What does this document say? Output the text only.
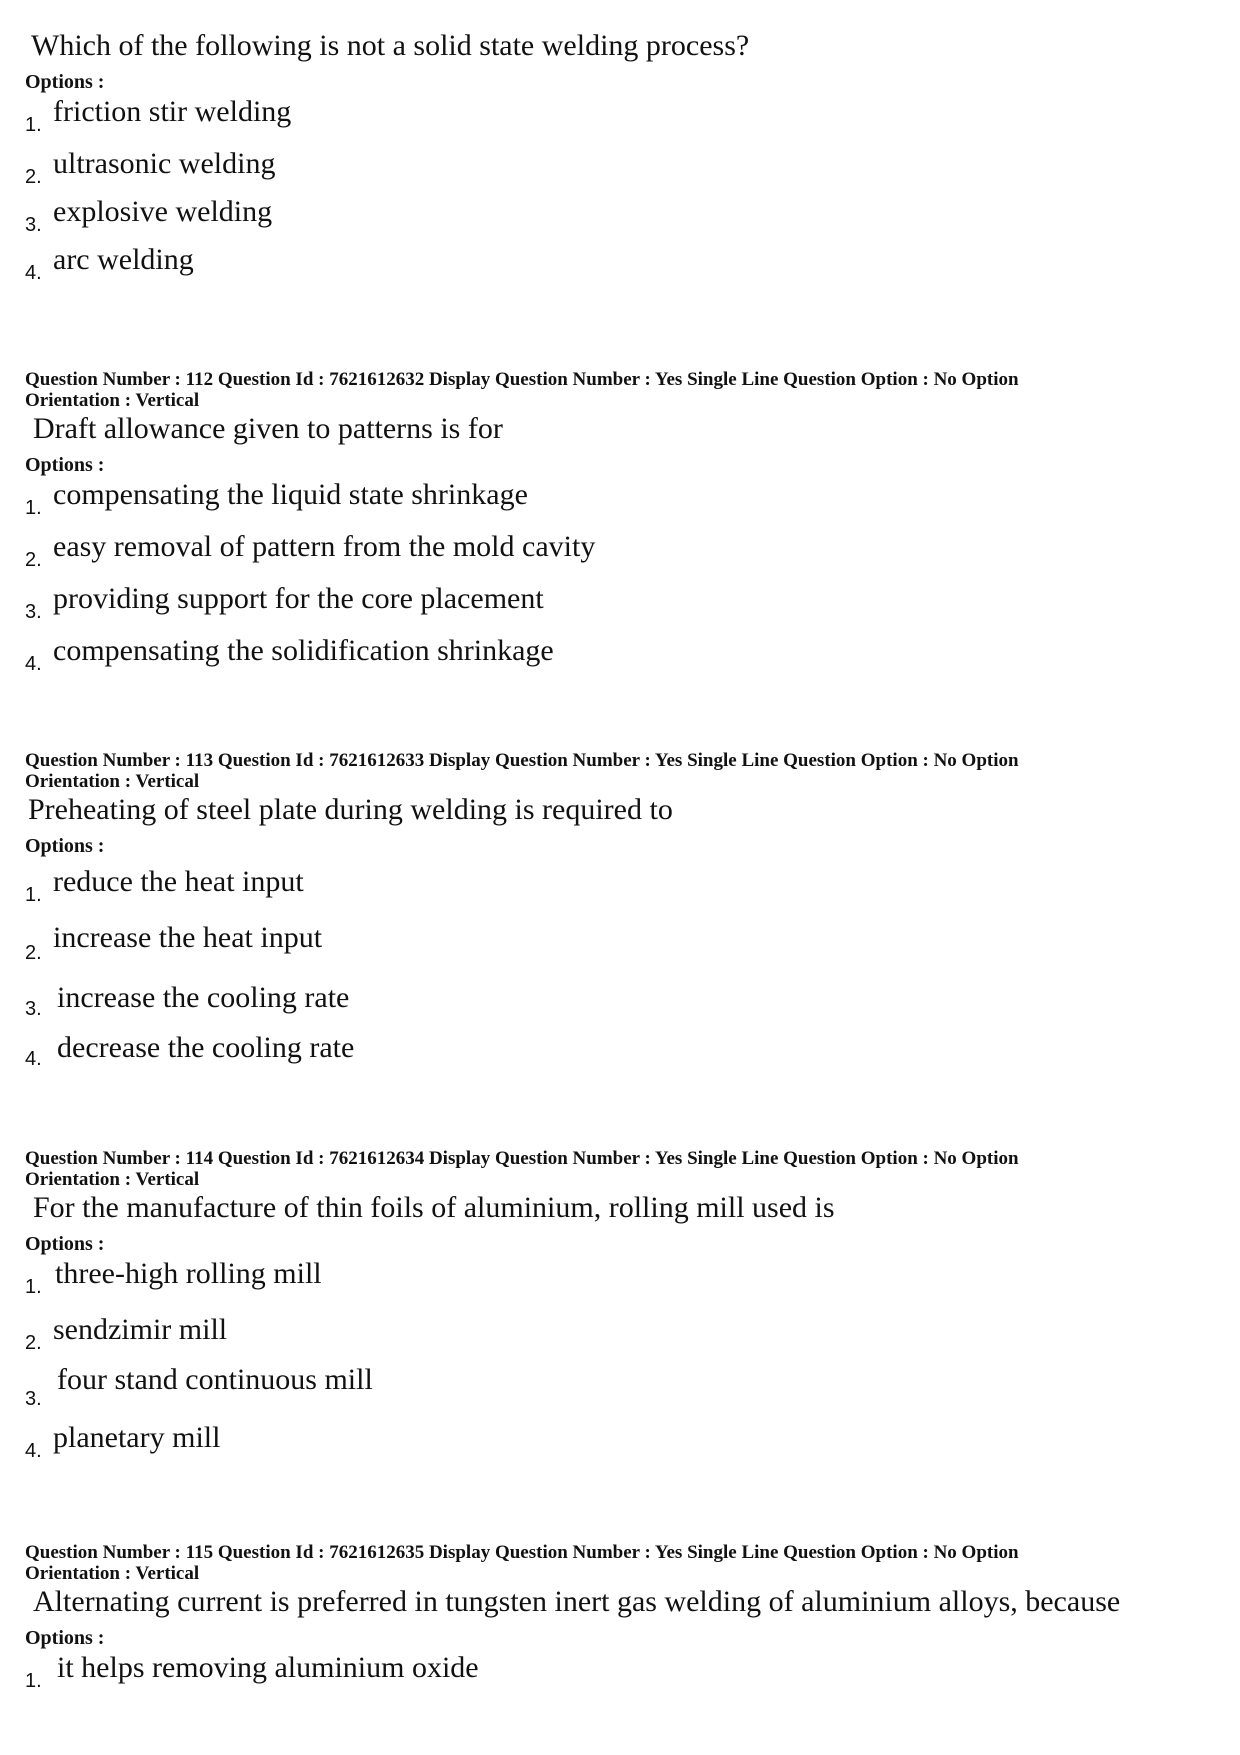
Which of the following is not a solid state welding process?
Options :
1. friction stir welding
2. ultrasonic welding
3. explosive welding
4. arc welding
Question Number : 112 Question Id : 7621612632 Display Question Number : Yes Single Line Question Option : No Option
Orientation : Vertical
Draft allowance given to patterns is for
Options :
1. compensating the liquid state shrinkage
2. easy removal of pattern from the mold cavity
3. providing support for the core placement
4. compensating the solidification shrinkage
Question Number : 113 Question Id : 7621612633 Display Question Number : Yes Single Line Question Option : No Option
Orientation : Vertical
Preheating of steel plate during welding is required to
Options :
1. reduce the heat input
2. increase the heat input
3. increase the cooling rate
4. decrease the cooling rate
Question Number : 114 Question Id : 7621612634 Display Question Number : Yes Single Line Question Option : No Option
Orientation : Vertical
For the manufacture of thin foils of aluminium, rolling mill used is
Options :
1. three-high rolling mill
2. sendzimir mill
3.
four stand continuous mill
4. planetary mill
Question Number : 115 Question Id : 7621612635 Display Question Number : Yes Single Line Question Option : No Option
Orientation : Vertical
Alternating current is preferred in tungsten inert gas welding of aluminium alloys, because
Options :
1. it helps removing aluminium oxide
